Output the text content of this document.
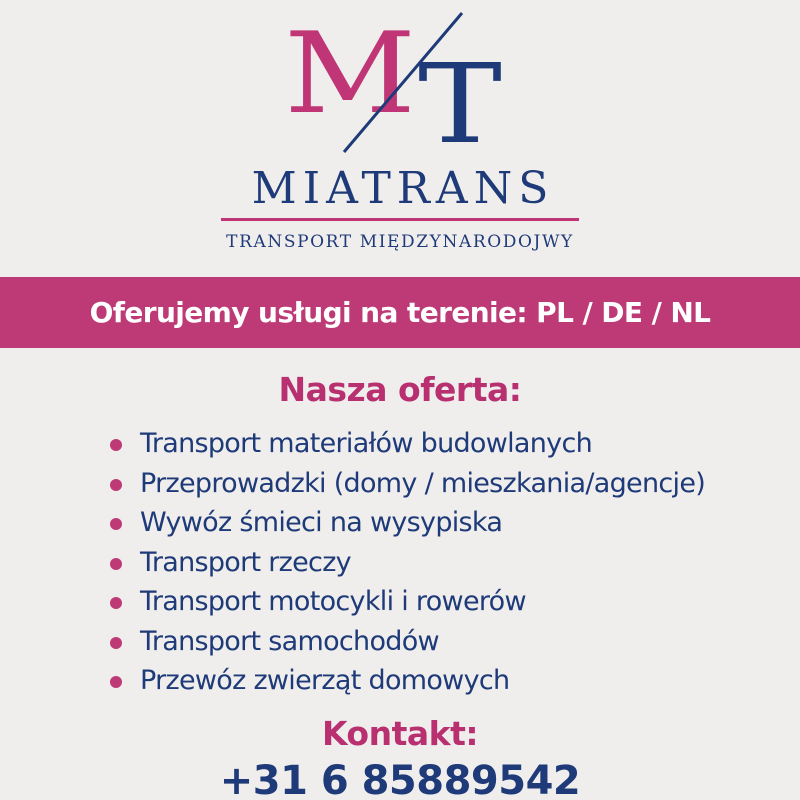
M T
MIATRANS
TRANSPORT MIĘDZYNARODOJWY
Oferujemy usługi na terenie: PL / DE / NL
Nasza oferta:
Transport materiałów budowlanych
Przeprowadzki (domy / mieszkania/agencje)
Wywóz śmieci na wysypiska
Transport rzeczy
Transport motocykli i rowerów
Transport samochodów
Przewóz zwierząt domowych
Kontakt:
+31 6 85889542
